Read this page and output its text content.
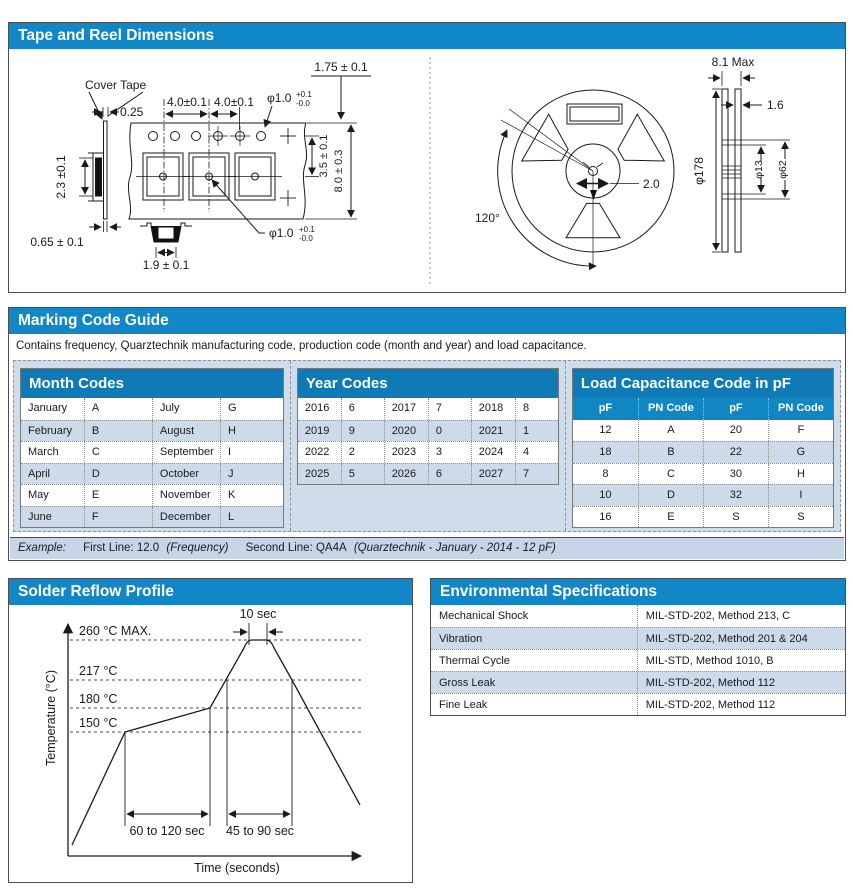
Tape and Reel Dimensions
Cover Tape
0.25
2.3 ±0.1
4.0±0.1 4.0±0.1 φ1.0 +0.1
-0.0
1.75 ± 0.1
3.5 ± 0.1 8.0 ± 0.3
0.65 ± 0.1
1.9 ± 0.1
φ1.0 +0.1
-0.0
120°
2.0
8.1 Max
1.6
φ178	φ13 φ62
Marking Code Guide
Contains frequency, Quarztechnik manufacturing code, production code (month and year) and load capacitance.
Month Codes
January	A	July	G
February	B	August	H
March	C	September	I
April	D	October	J
May	E	November	K
June	F	December	L
Year Codes
2016	6	2017	7	2018	8
2019	9	2020	0	2021	1
2022	2	2023	3	2024	4
2025	5	2026	6	2027	7
Load Capacitance Code in pF
pF	PN Code	pF	PN Code
12	A	20	F
18	B	22	G
8	C	30	H
10	D	32	I
16	E	S	S
Example: First Line: 12.0 (Frequency) Second Line: QA4A (Quarztechnik - January - 2014 - 12 pF)
Solder Reflow Profile
260 °C MAX.
217 °C
180 °C
150 °C
10 sec
60 to 120 sec 45 to 90 sec
Temperature (°C)
Time (seconds)
Environmental Specifications
Mechanical Shock	MIL-STD-202, Method 213, C
Vibration	MIL-STD-202, Method 201 & 204
Thermal Cycle	MIL-STD, Method 1010, B
Gross Leak	MIL-STD-202, Method 112
Fine Leak	MIL-STD-202, Method 112
